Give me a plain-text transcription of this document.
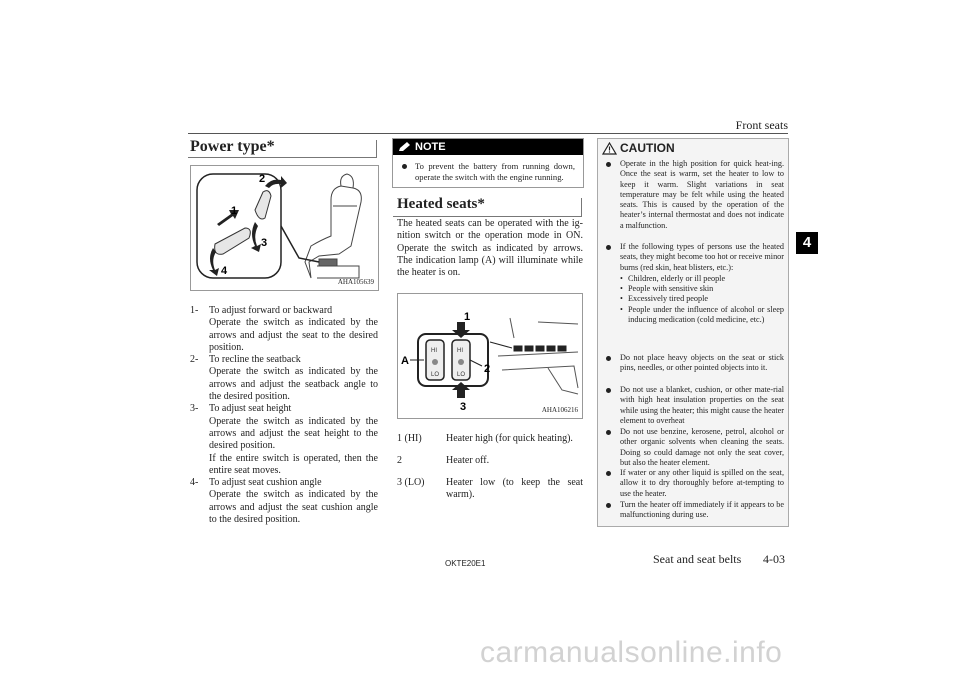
Front seats
4
Power type*
1
2
3
4
AHA105639
1- To adjust forward or backward
Operate the switch as indicated by the arrows and adjust the seat to the desired position.
2- To recline the seatback
Operate the switch as indicated by the arrows and adjust the seatback angle to the desired position.
3- To adjust seat height
Operate the switch as indicated by the arrows and adjust the seat height to the desired position.
If the entire switch is operated, then the entire seat moves.
4- To adjust seat cushion angle
Operate the switch as indicated by the arrows and adjust the seat cushion angle to the desired position.
NOTE
To prevent the battery from running down, operate the switch with the engine running.
Heated seats*
The heated seats can be operated with the ig-nition switch or the operation mode in ON. Operate the switch as indicated by arrows. The indication lamp (A) will illuminate while the heater is on.
HI
LO
HI
LO
1
2
3
A
AHA106216
1 (HI) Heater high (for quick heating).
2	Heater off.
3 (LO) Heater low (to keep the seat warm).
CAUTION
Operate in the high position for quick heat-ing. Once the seat is warm, set the heater to low to keep it warm. Slight variations in seat temperature may be felt while using the heated seats. This is caused by the operation of the heater’s internal thermostat and does not indicate a malfunction.
If the following types of persons use the heated seats, they might become too hot or receive minor burns (red skin, heat blisters, etc.):
• Children, elderly or ill people
• People with sensitive skin
• Excessively tired people
• People under the influence of alcohol or sleep inducing medication (cold medicine, etc.)
Do not place heavy objects on the seat or stick pins, needles, or other pointed objects into it.
Do not use a blanket, cushion, or other mate-rial with high heat insulation properties on the seat while using the heater; this might cause the heater element to overheat
Do not use benzine, kerosene, petrol, alcohol or other organic solvents when cleaning the seats. Doing so could damage not only the seat cover, but also the heater element.
If water or any other liquid is spilled on the seat, allow it to dry thoroughly before at-tempting to use the heater.
Turn the heater off immediately if it appears to be malfunctioning during use.
OKTE20E1	Seat and seat belts 4-03
carmanualsonline.info
